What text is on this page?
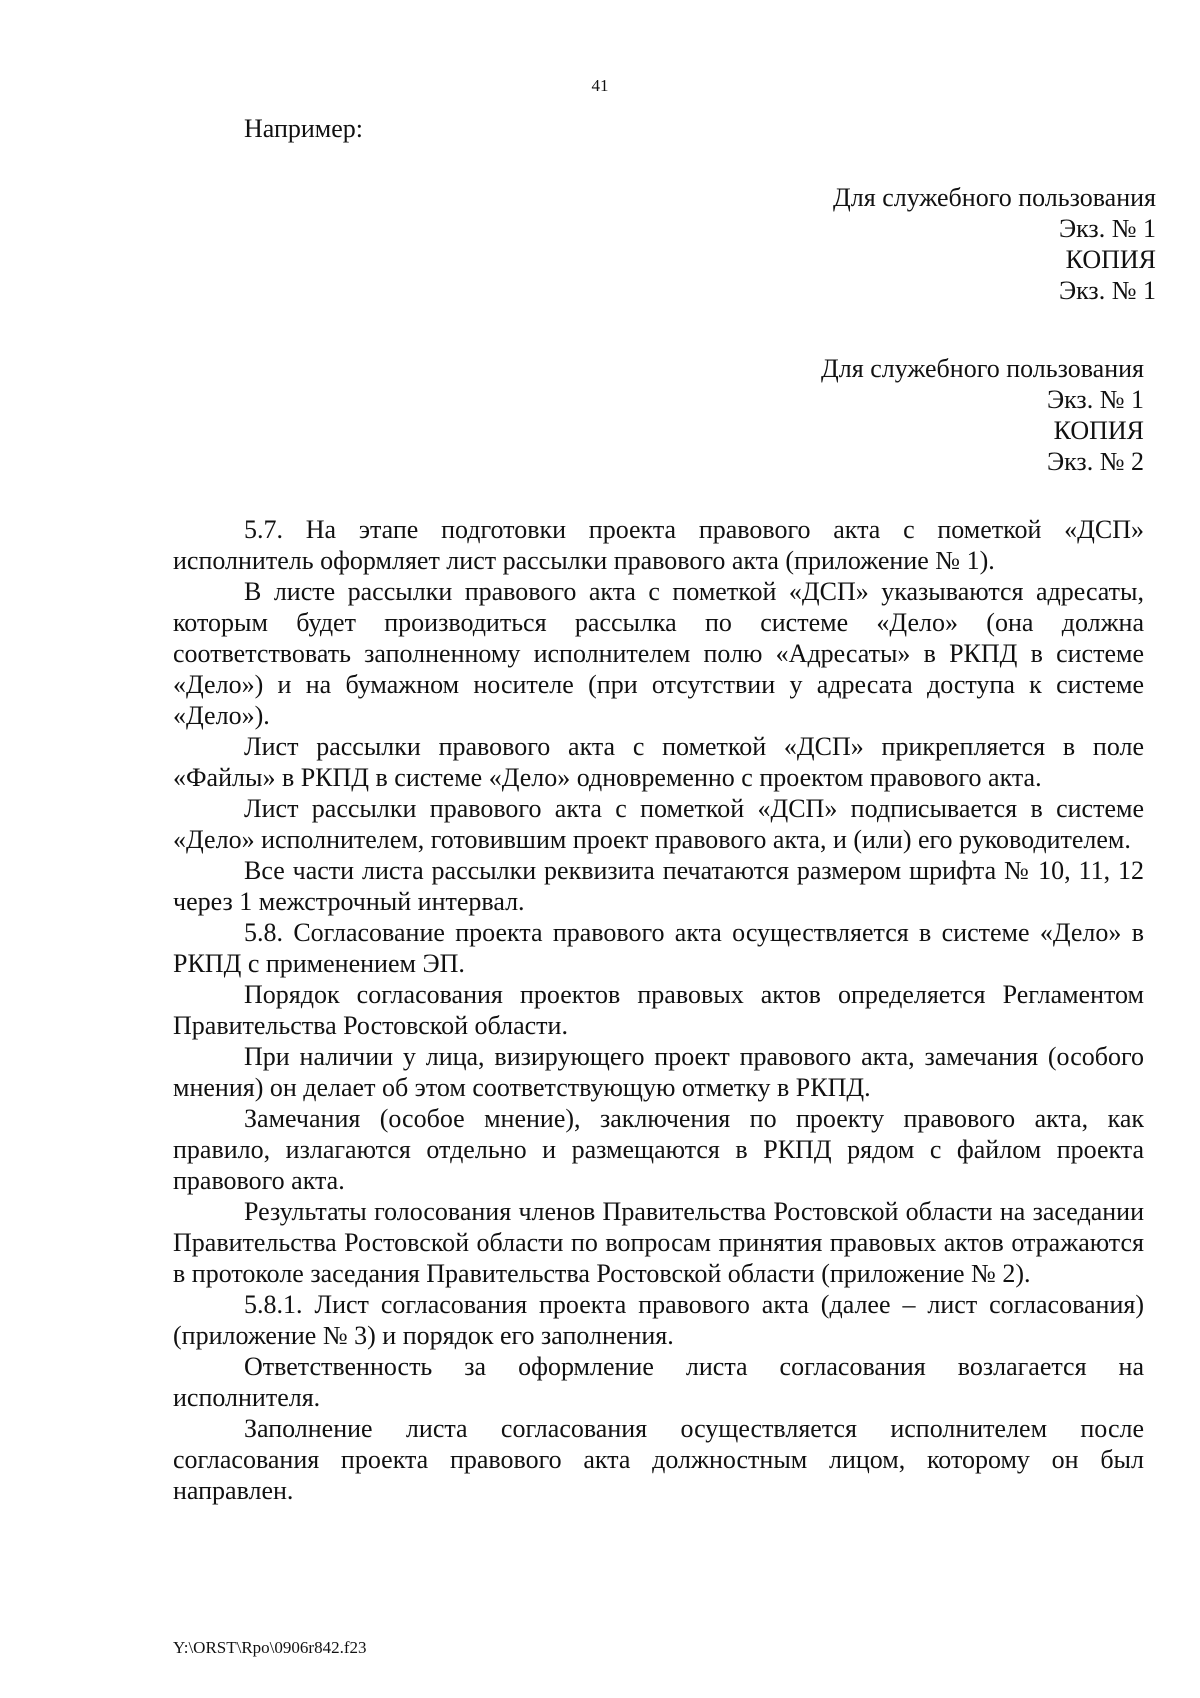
41
Например:
Для служебного пользования
Экз. № 1
КОПИЯ
Экз. № 1
Для служебного пользования
Экз. № 1
КОПИЯ
Экз. № 2

5.7. На этапе подготовки проекта правового акта с пометкой «ДСП» исполнитель оформляет лист рассылки правового акта (приложение № 1).

В листе рассылки правового акта с пометкой «ДСП» указываются адресаты, которым будет производиться рассылка по системе «Дело» (она должна соответствовать заполненному исполнителем полю «Адресаты» в РКПД в системе «Дело») и на бумажном носителе (при отсутствии у адресата доступа к системе «Дело»).

Лист рассылки правового акта с пометкой «ДСП» прикрепляется в поле «Файлы» в РКПД в системе «Дело» одновременно с проектом правового акта.

Лист рассылки правового акта с пометкой «ДСП» подписывается в системе «Дело» исполнителем, готовившим проект правового акта, и (или) его руководителем.

Все части листа рассылки реквизита печатаются размером шрифта № 10, 11, 12 через 1 межстрочный интервал.

5.8. Согласование проекта правового акта осуществляется в системе «Дело» в РКПД с применением ЭП.

Порядок согласования проектов правовых актов определяется Регламентом Правительства Ростовской области.

При наличии у лица, визирующего проект правового акта, замечания (особого мнения) он делает об этом соответствующую отметку в РКПД.

Замечания (особое мнение), заключения по проекту правового акта, как правило, излагаются отдельно и размещаются в РКПД рядом с файлом проекта правового акта.

Результаты голосования членов Правительства Ростовской области на заседании Правительства Ростовской области по вопросам принятия правовых актов отражаются в протоколе заседания Правительства Ростовской области (приложение № 2).

5.8.1. Лист согласования проекта правового акта (далее – лист согласования) (приложение № 3) и порядок его заполнения.

Ответственность за оформление листа согласования возлагается на исполнителя.

Заполнение листа согласования осуществляется исполнителем после согласования проекта правового акта должностным лицом, которому он был направлен.

Y:\ORST\Rpo\0906r842.f23
